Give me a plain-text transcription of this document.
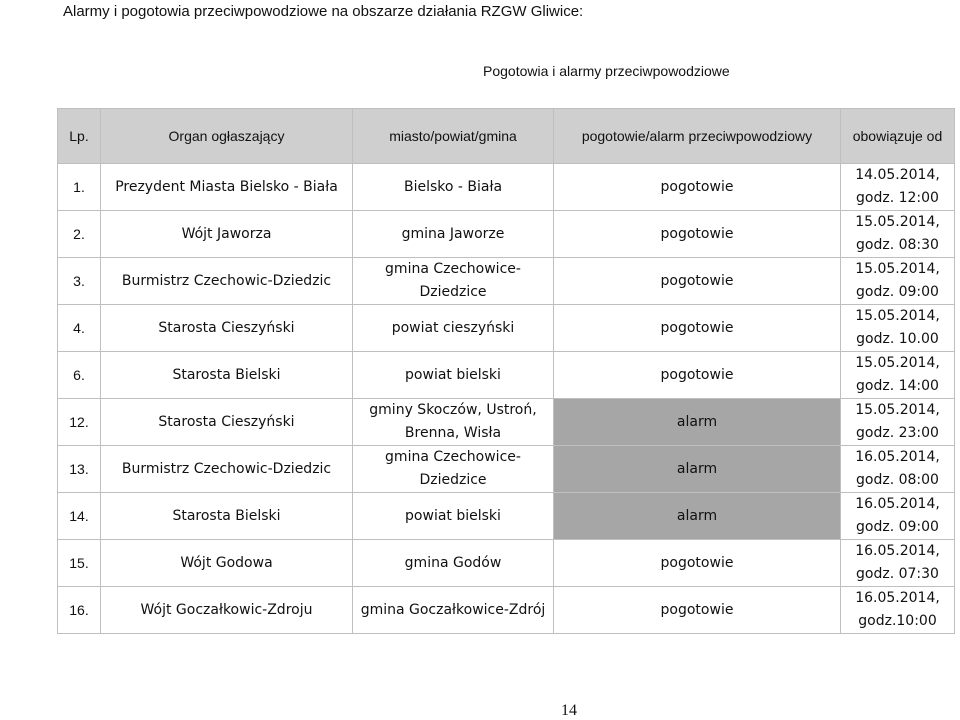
Alarmy i pogotowia przeciwpowodziowe na obszarze działania RZGW Gliwice:
Pogotowia i alarmy przeciwpowodziowe
Lp.	Organ ogłaszający	miasto/powiat/gmina	pogotowie/alarm przeciwpowodziowy	obowiązuje od
1.	Prezydent Miasta Bielsko - Biała	Bielsko - Biała	pogotowie	14.05.2014, godz. 12:00
2.	Wójt Jaworza	gmina Jaworze	pogotowie	15.05.2014, godz. 08:30
3.	Burmistrz Czechowic-Dziedzic	gmina Czechowice-Dziedzice	pogotowie	15.05.2014, godz. 09:00
4.	Starosta Cieszyński	powiat cieszyński	pogotowie	15.05.2014, godz. 10.00
6.	Starosta Bielski	powiat bielski	pogotowie	15.05.2014, godz. 14:00
12.	Starosta Cieszyński	gminy Skoczów, Ustroń, Brenna, Wisła	alarm	15.05.2014, godz. 23:00
13.	Burmistrz Czechowic-Dziedzic	gmina Czechowice-Dziedzice	alarm	16.05.2014, godz. 08:00
14.	Starosta Bielski	powiat bielski	alarm	16.05.2014, godz. 09:00
15.	Wójt Godowa	gmina Godów	pogotowie	16.05.2014, godz. 07:30
16.	Wójt Goczałkowic-Zdroju	gmina Goczałkowice-Zdrój	pogotowie	16.05.2014, godz.10:00
14
